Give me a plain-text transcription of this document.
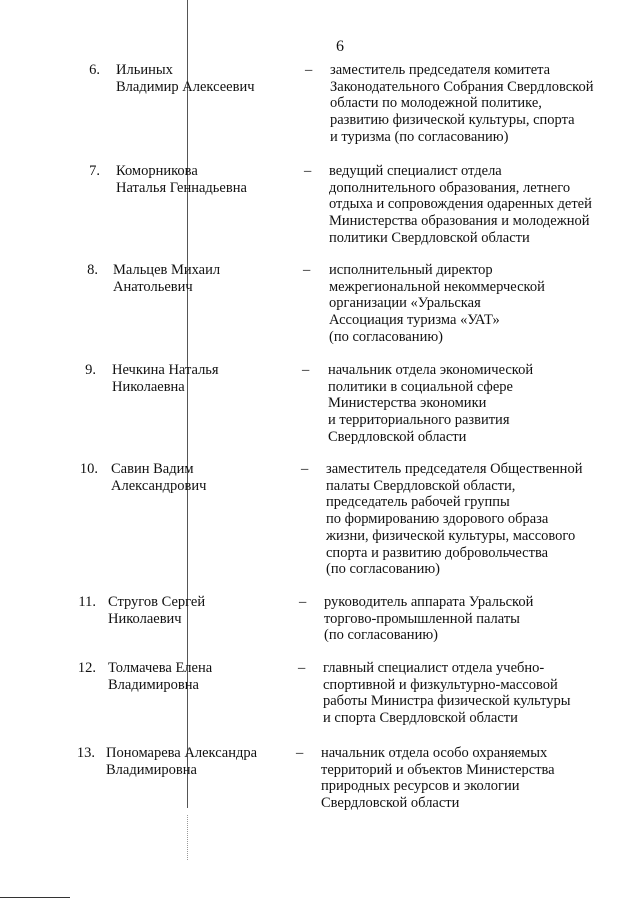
6
6. Ильиных
Владимир Алексеевич
– заместитель председателя комитета
Законодательного Собрания Свердловской
области по молодежной политике,
развитию физической культуры, спорта
и туризма (по согласованию)
7. Коморникова
Наталья Геннадьевна
– ведущий специалист отдела
дополнительного образования, летнего
отдыха и сопровождения одаренных детей
Министерства образования и молодежной
политики Свердловской области
8. Мальцев Михаил
Анатольевич
– исполнительный директор
межрегиональной некоммерческой
организации «Уральская
Ассоциация туризма «УАТ»
(по согласованию)
9. Нечкина Наталья
Николаевна
– начальник отдела экономической
политики в социальной сфере
Министерства экономики
и территориального развития
Свердловской области
10. Савин Вадим
Александрович
– заместитель председателя Общественной
палаты Свердловской области,
председатель рабочей группы
по формированию здорового образа
жизни, физической культуры, массового
спорта и развитию добровольчества
(по согласованию)
11. Стругов Сергей
Николаевич
– руководитель аппарата Уральской
торгово-промышленной палаты
(по согласованию)
12. Толмачева Елена
Владимировна
– главный специалист отдела учебно-
спортивной и физкультурно-массовой
работы Министра физической культуры
и спорта Свердловской области
13. Пономарева Александра
Владимировна
– начальник отдела особо охраняемых
территорий и объектов Министерства
природных ресурсов и экологии
Свердловской области
